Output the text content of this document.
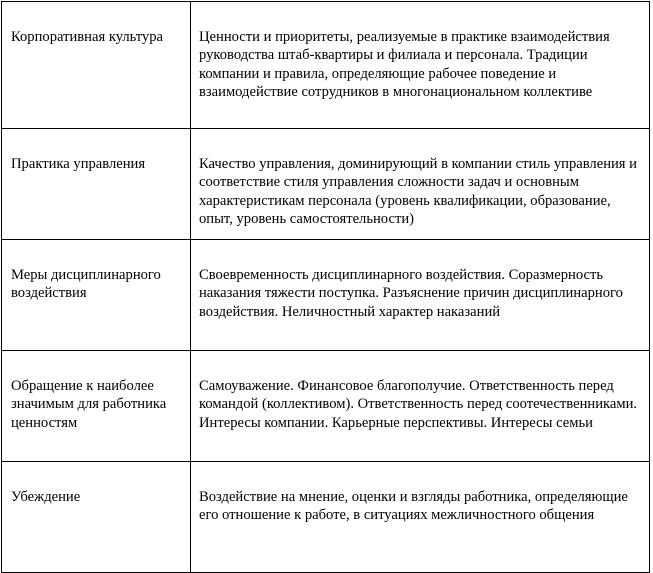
Корпоративная культура	Ценности и приоритеты, реализуемые в практике взаимодействия руководства штаб-квартиры и филиала и персонала. Традиции компании и правила, определяющие рабочее поведение и взаимодействие сотрудников в многонациональном коллективе

Практика управления	Качество управления, доминирующий в компании стиль управления и соответствие стиля управления сложности задач и основным характеристикам персонала (уровень квалификации, образование, опыт, уровень самостоятельности)

Меры дисциплинарного воздействия	Своевременность дисциплинарного воздействия. Соразмерность наказания тяжести поступка. Разъяснение причин дисциплинарного воздействия. Неличностный характер наказаний

Обращение к наиболее значимым для работника ценностям	Самоуважение. Финансовое благополучие. Ответственность перед командой (коллективом). Ответственность перед соотечественниками. Интересы компании. Карьерные перспективы. Интересы семьи

Убеждение	Воздействие на мнение, оценки и взгляды работника, определяющие его отношение к работе, в ситуациях межличностного общения
